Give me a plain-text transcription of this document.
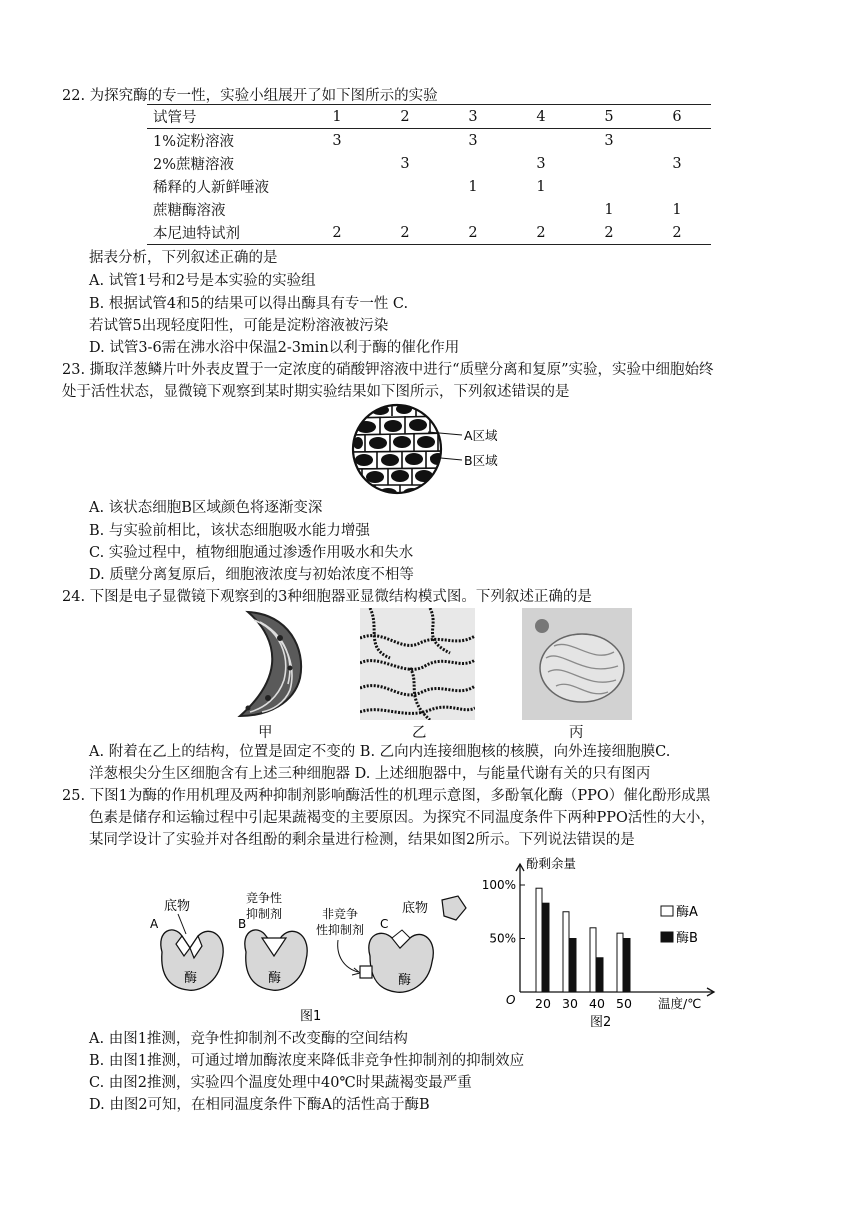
22. 为探究酶的专一性，实验小组展开了如下图所示的实验
试管号	1	2	3	4	5	6
1%淀粉溶液	3		3		3	
2%蔗糖溶液		3		3		3
稀释的人新鲜唾液			1	1		
蔗糖酶溶液					1	1
本尼迪特试剂	2	2	2	2	2	2
据表分析，下列叙述正确的是
A. 试管1号和2号是本实验的实验组
B. 根据试管4和5的结果可以得出酶具有专一性 C.
若试管5出现轻度阳性，可能是淀粉溶液被污染
D. 试管3-6需在沸水浴中保温2-3min以利于酶的催化作用
23. 撕取洋葱鳞片叶外表皮置于一定浓度的硝酸钾溶液中进行“质壁分离和复原”实验，实验中细胞始终
处于活性状态，显微镜下观察到某时期实验结果如下图所示，下列叙述错误的是
A区域
B区域
A. 该状态细胞B区域颜色将逐渐变深
B. 与实验前相比，该状态细胞吸水能力增强
C. 实验过程中，植物细胞通过渗透作用吸水和失水
D. 质壁分离复原后，细胞液浓度与初始浓度不相等
24. 下图是电子显微镜下观察到的3种细胞器亚显微结构模式图。下列叙述正确的是
甲	乙	丙
A. 附着在乙上的结构，位置是固定不变的 B. 乙向内连接细胞核的核膜，向外连接细胞膜C.
洋葱根尖分生区细胞含有上述三种细胞器 D. 上述细胞器中，与能量代谢有关的只有图丙
25. 下图1为酶的作用机理及两种抑制剂影响酶活性的机理示意图，多酚氧化酶（PPO）催化酚形成黑
色素是储存和运输过程中引起果蔬褐变的主要原因。为探究不同温度条件下两种PPO活性的大小，
某同学设计了实验并对各组酚的剩余量进行检测，结果如图2所示。下列说法错误的是
底物
A
酶
竞争性
抑制剂
B
酶
非竞争
性抑制剂 C
底物
酶
图1
酚剩余量
O
100%
50%
20 30 40 50 温度/℃
酶A
酶B
图2
A. 由图1推测，竞争性抑制剂不改变酶的空间结构
B. 由图1推测，可通过增加酶浓度来降低非竞争性抑制剂的抑制效应
C. 由图2推测，实验四个温度处理中40℃时果蔬褐变最严重
D. 由图2可知，在相同温度条件下酶A的活性高于酶B
